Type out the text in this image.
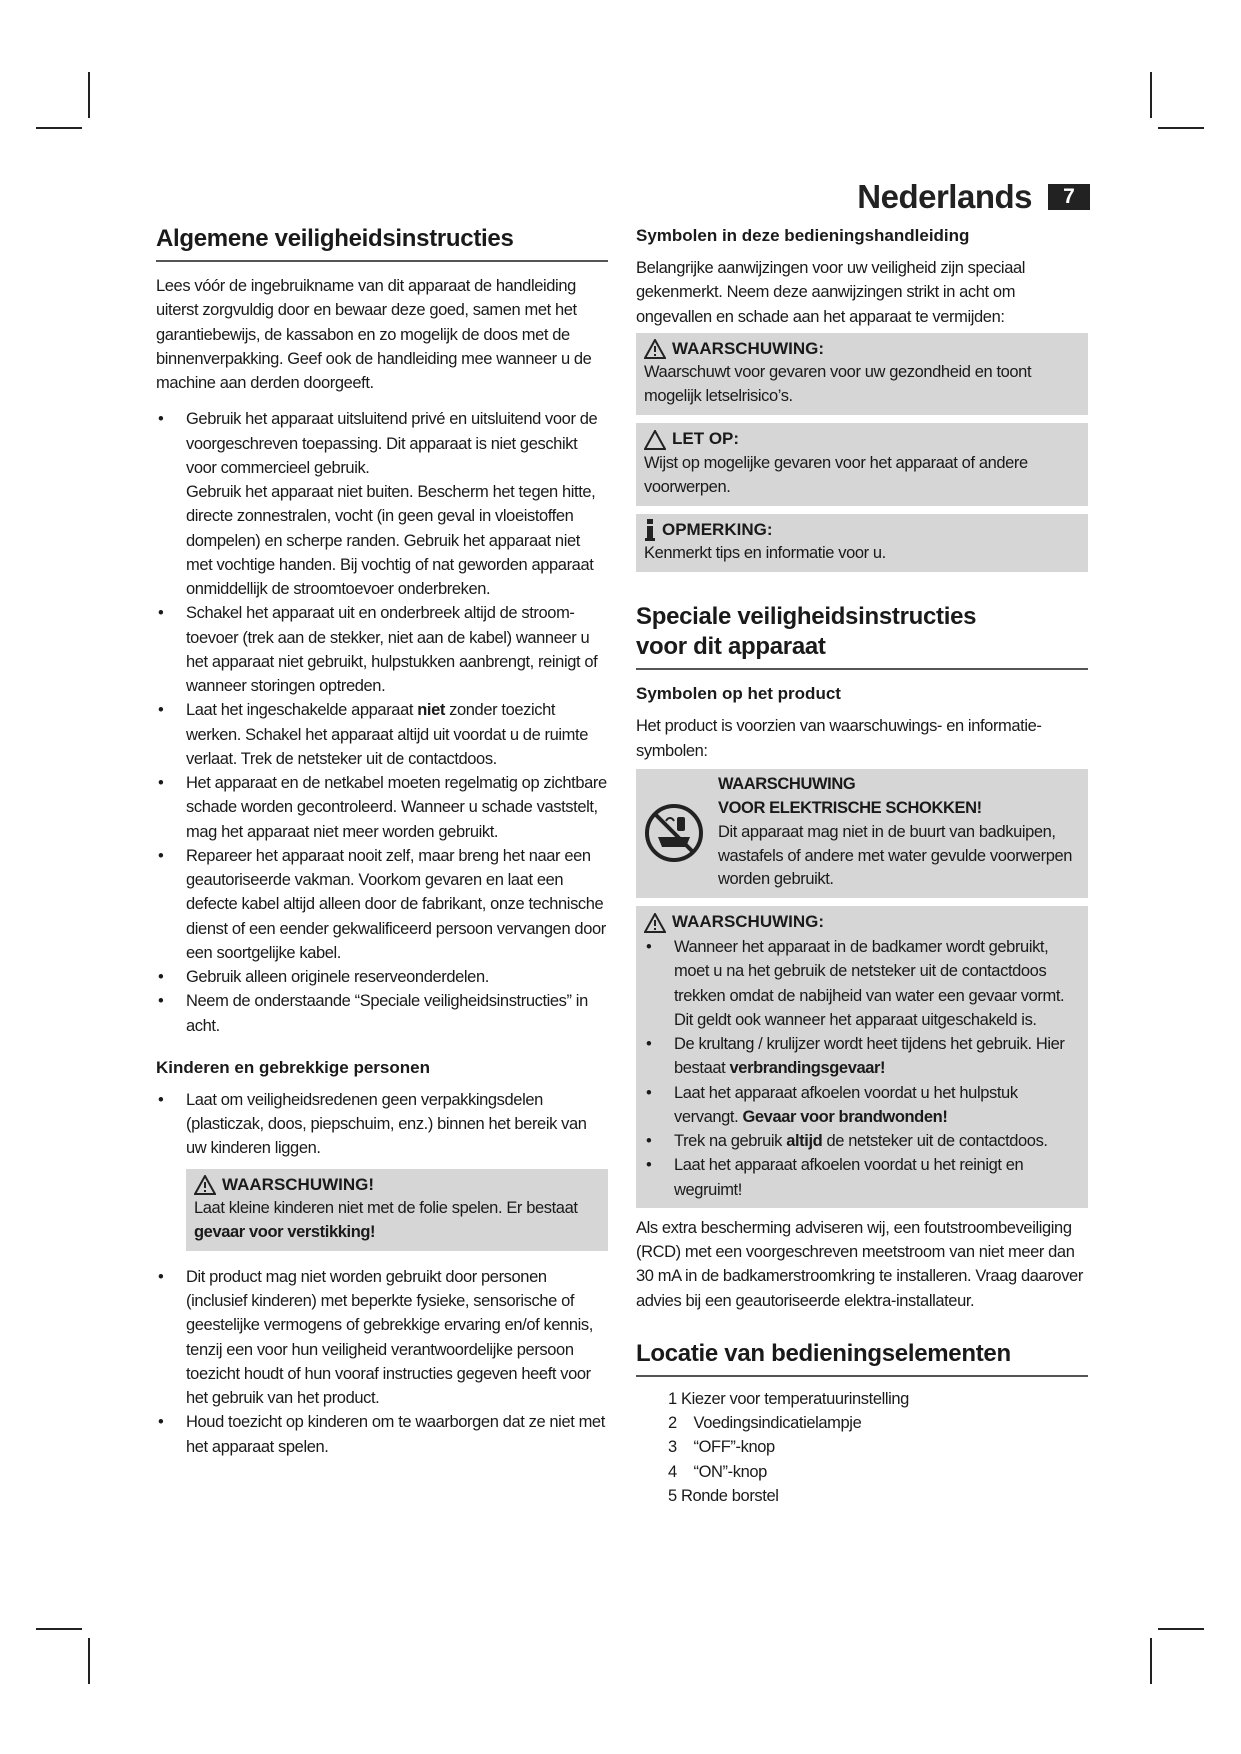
Nederlands	7
Algemene veiligheidsinstructies

Lees vóór de ingebruikname van dit apparaat de handleiding uiterst zorgvuldig door en bewaar deze goed, samen met het garantiebewijs, de kassabon en zo mogelijk de doos met de binnenverpakking. Geef ook de handleiding mee wanneer u de machine aan derden doorgeeft.

• Gebruik het apparaat uitsluitend privé en uitsluitend voor de voorgeschreven toepassing. Dit apparaat is niet geschikt voor commercieel gebruik.
Gebruik het apparaat niet buiten. Bescherm het tegen hitte, directe zonnestralen, vocht (in geen geval in vloeistoffen dompelen) en scherpe randen. Gebruik het apparaat niet met vochtige handen. Bij vochtig of nat geworden apparaat onmiddellijk de stroomtoevoer onderbreken.
• Schakel het apparaat uit en onderbreek altijd de stroomtoevoer (trek aan de stekker, niet aan de kabel) wanneer u het apparaat niet gebruikt, hulpstukken aanbrengt, reinigt of wanneer storingen optreden.
• Laat het ingeschakelde apparaat niet zonder toezicht werken. Schakel het apparaat altijd uit voordat u de ruimte verlaat. Trek de netsteker uit de contactdoos.
• Het apparaat en de netkabel moeten regelmatig op zichtbare schade worden gecontroleerd. Wanneer u schade vaststelt, mag het apparaat niet meer worden gebruikt.
• Repareer het apparaat nooit zelf, maar breng het naar een geautoriseerde vakman. Voorkom gevaren en laat een defecte kabel altijd alleen door de fabrikant, onze technische dienst of een eender gekwalificeerd persoon vervangen door een soortgelijke kabel.
• Gebruik alleen originele reserveonderdelen.
• Neem de onderstaande “Speciale veiligheidsinstructies” in acht.
Kinderen en gebrekkige personen
• Laat om veiligheidsredenen geen verpakkingsdelen (plasticzak, doos, piepschuim, enz.) binnen het bereik van uw kinderen liggen.
WAARSCHUWING!
Laat kleine kinderen niet met de folie spelen. Er bestaat gevaar voor verstikking!
• Dit product mag niet worden gebruikt door personen (inclusief kinderen) met beperkte fysieke, sensorische of geestelijke vermogens of gebrekkige ervaring en/of kennis, tenzij een voor hun veiligheid verantwoordelijke persoon toezicht houdt of hun vooraf instructies gegeven heeft voor het gebruik van het product.
• Houd toezicht op kinderen om te waarborgen dat ze niet met het apparaat spelen.
Symbolen in deze bedieningshandleiding

Belangrijke aanwijzingen voor uw veiligheid zijn speciaal gekenmerkt. Neem deze aanwijzingen strikt in acht om ongevallen en schade aan het apparaat te vermijden:

WAARSCHUWING:
Waarschuwt voor gevaren voor uw gezondheid en toont mogelijk letselrisico’s.
LET OP:
Wijst op mogelijke gevaren voor het apparaat of andere voorwerpen.
OPMERKING:
Kenmerkt tips en informatie voor u.
Speciale veiligheidsinstructies
voor dit apparaat
Symbolen op het product

Het product is voorzien van waarschuwings- en informatiesymbolen:

WAARSCHUWING
VOOR ELEKTRISCHE SCHOKKEN!
Dit apparaat mag niet in de buurt van badkuipen, wastafels of andere met water gevulde voorwerpen worden gebruikt.
WAARSCHUWING:
• Wanneer het apparaat in de badkamer wordt gebruikt, moet u na het gebruik de netsteker uit de contactdoos trekken omdat de nabijheid van water een gevaar vormt. Dit geldt ook wanneer het apparaat uitgeschakeld is.
• De krultang / krulijzer wordt heet tijdens het gebruik. Hier bestaat verbrandingsgevaar!
• Laat het apparaat afkoelen voordat u het hulpstuk vervangt. Gevaar voor brandwonden!
• Trek na gebruik altijd de netsteker uit de contactdoos.
• Laat het apparaat afkoelen voordat u het reinigt en wegruimt!

Als extra bescherming adviseren wij, een foutstroombeveiliging (RCD) met een voorgeschreven meetstroom van niet meer dan 30 mA in de badkamerstroomkring te installeren. Vraag daarover advies bij een geautoriseerde elektra-installateur.

Locatie van bedieningselementen
1 Kiezer voor temperatuurinstelling
2    Voedingsindicatielampje
3    “OFF”-knop
4    “ON”-knop
5 Ronde borstel
